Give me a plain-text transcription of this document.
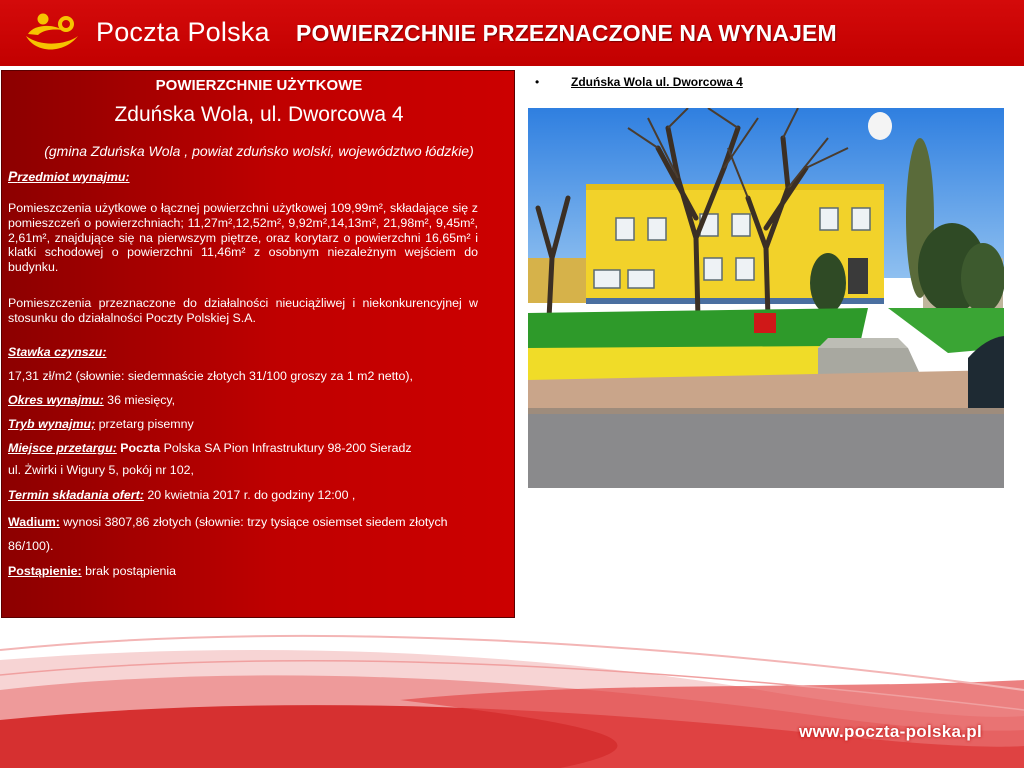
Poczta Polska POWIERZCHNIE PRZEZNACZONE NA WYNAJEM
POWIERZCHNIE UŻYTKOWE
Zduńska Wola, ul. Dworcowa 4
(gmina Zduńska Wola , powiat zduńsko wolski, województwo łódzkie)
Przedmiot wynajmu:
Pomieszczenia użytkowe o łącznej powierzchni użytkowej 109,99m², składające się z pomieszczeń o powierzchniach; 11,27m²,12,52m², 9,92m²,14,13m², 21,98m², 9,45m², 2,61m², znajdujące się na pierwszym piętrze, oraz korytarz o powierzchni 16,65m² i klatki schodowej o powierzchni 11,46m² z osobnym niezależnym wejściem do budynku.
Pomieszczenia przeznaczone do działalności nieuciążliwej i niekonkurencyjnej w stosunku do działalności Poczty Polskiej S.A.
Stawka czynszu:
17,31 zł/m2 (słownie: siedemnaście złotych 31/100 groszy za 1 m2 netto),
Okres wynajmu: 36 miesięcy,
Tryb wynajmu; przetarg pisemny
Miejsce przetargu: Poczta Polska SA Pion Infrastruktury 98-200 Sieradz
ul. Żwirki i Wigury 5, pokój nr 102,
Termin składania ofert: 20 kwietnia 2017 r. do godziny 12:00 ,
Wadium: wynosi 3807,86 złotych (słownie: trzy tysiące osiemset siedem złotych
86/100).
Postąpienie: brak postąpienia
•	Zduńska Wola ul. Dworcowa 4
www.poczta-polska.pl
